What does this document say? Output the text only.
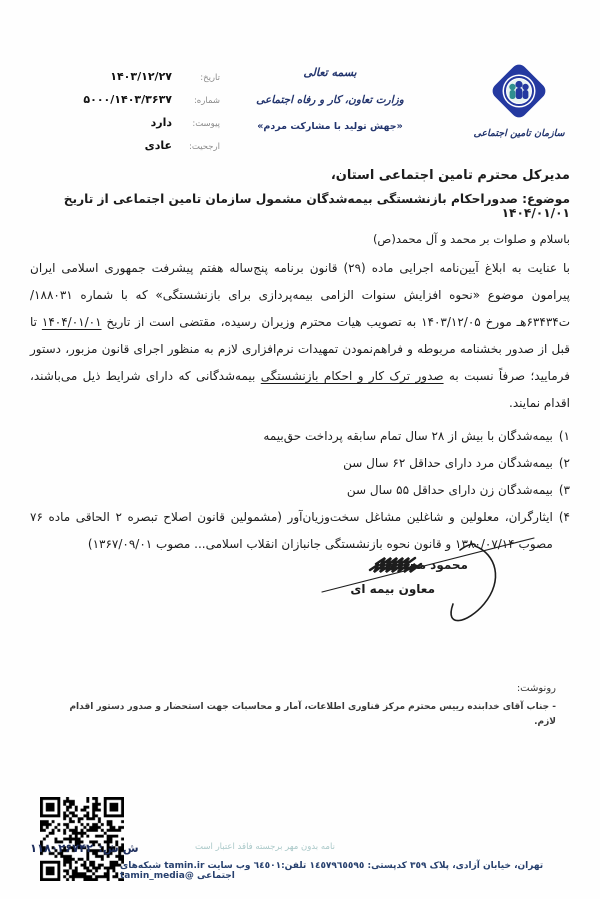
سازمان تامین اجتماعی
بسمه تعالی
وزارت تعاون، کار و رفاه اجتماعی
«جهش تولید با مشارکت مردم»
تاریخ:
۱۴۰۳/۱۲/۲۷
شماره:
۵۰۰۰/۱۴۰۳/۳۶۳۷
پیوست:
دارد
ارجحیت:
عادی
مدیرکل محترم تامین اجتماعی استان،
موضوع: صدوراحکام بازنشستگی بیمه‌شدگان مشمول سازمان تامین اجتماعی از تاریخ ۱۴۰۴/۰۱/۰۱
باسلام و صلوات بر محمد و آل محمد(ص)

با عنایت به ابلاغ آیین‌نامه اجرایی ماده (۲۹) قانون برنامه پنج‌ساله هفتم پیشرفت جمهوری اسلامی ایران پیرامون موضوع «نحوه افزایش سنوات الزامی بیمه‌پردازی برای بازنشستگی» که با شماره ۱۸۸۰۳۱/ت۶۳۴۳۴هـ مورخ ۱۴۰۳/۱۲/۰۵ به تصویب هیات محترم وزیران رسیده، مقتضی است از تاریخ ۱۴۰۴/۰۱/۰۱ تا قبل از صدور بخشنامه مربوطه و فراهم‌نمودن تمهیدات نرم‌افزاری لازم به منظور اجرای قانون مزبور، دستور فرمایید؛ صرفاً نسبت به صدور ترک کار و احکام بازنشستگی بیمه‌شدگانی که دارای شرایط ذیل می‌باشند، اقدام نمایند.

۱)
بیمه‌شدگان با بیش از ۲۸ سال تمام سابقه پرداخت حق‌بیمه
۲)
بیمه‌شدگان مرد دارای حداقل ۶۲ سال سن
۳)
بیمه‌شدگان زن دارای حداقل ۵۵ سال سن
۴)
ایثارگران، معلولین و شاغلین مشاغل سخت‌وزیان‌آور (مشمولین قانون اصلاح تبصره ۲ الحاقی ماده ۷۶ مصوب ۱۳۸۰/۰۷/۱۴ و قانون نحوه بازنشستگی جانبازان انقلاب اسلامی... مصوب ۱۳۶۷/۰۹/۰۱)
محمود محمدی
معاون بیمه ای
رونوشت:
- جناب آقای خدابنده رییس محترم مرکز فناوری اطلاعات، آمار و محاسبات جهت استحضار و صدور دستور اقدام لازم.
ش ش: ۱۱۸۰۲۶۷۴۲	نامه بدون مهر برجسته فاقد اعتبار است
تهران، خیابان آزادی، پلاک ٣٥٩ کدپستی: ١٤٥٧٩٦٥٥٩٥ تلفن:٦٤٥٠١ وب سایت tamin.ir شبکه‌های اجتماعی @tamin_media
